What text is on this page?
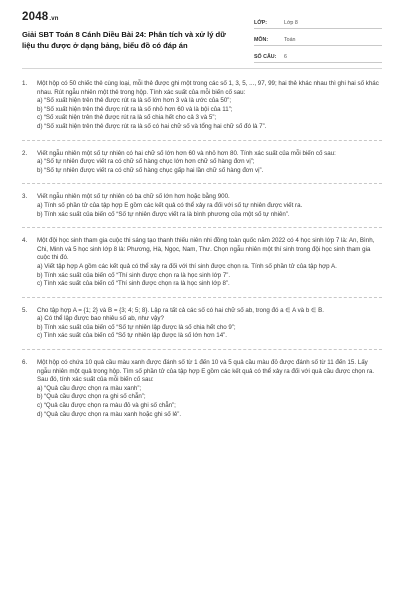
2048.vn
Giải SBT Toán 8 Cánh Diều Bài 24: Phân tích và xử lý dữ liệu thu được ở dạng bảng, biểu đồ có đáp án
LỚP:	Lớp 8
MÔN:	Toán
SỐ CÂU:	6
1.	Một hộp có 50 chiếc thẻ cùng loại, mỗi thẻ được ghi một trong các số 1, 3, 5, ..., 97, 99; hai thẻ khác nhau thì ghi hai số khác nhau. Rút ngẫu nhiên một thẻ trong hộp. Tính xác suất của mỗi biến cố sau:
a) “Số xuất hiện trên thẻ được rút ra là số lớn hơn 3 và là ước của 50”;
b) “Số xuất hiện trên thẻ được rút ra là số nhỏ hơn 60 và là bội của 11”;
c) “Số xuất hiện trên thẻ được rút ra là số chia hết cho cả 3 và 5”;
d) “Số xuất hiện trên thẻ được rút ra là số có hai chữ số và tổng hai chữ số đó là 7”.
2.	Viết ngẫu nhiên một số tự nhiên có hai chữ số lớn hơn 60 và nhỏ hơn 80. Tính xác suất của mỗi biến cố sau:
a) “Số tự nhiên được viết ra có chữ số hàng chục lớn hơn chữ số hàng đơn vị”;
b) “Số tự nhiên được viết ra có chữ số hàng chục gấp hai lần chữ số hàng đơn vị”.
3.	Viết ngẫu nhiên một số tự nhiên có ba chữ số lớn hơn hoặc bằng 900.
a) Tính số phần tử của tập hợp E gồm các kết quả có thể xảy ra đối với số tự nhiên được viết ra.
b) Tính xác suất của biến cố “Số tự nhiên được viết ra là bình phương của một số tự nhiên”.
4.	Một đội học sinh tham gia cuộc thi sáng tạo thanh thiếu niên nhi đồng toàn quốc năm 2022 có 4 học sinh lớp 7 là: An, Bình, Chi, Minh và 5 học sinh lớp 8 là: Phương, Hà, Ngọc, Nam, Thư. Chọn ngẫu nhiên một thí sinh trong đội học sinh tham gia cuộc thi đó.
a) Viết tập hợp A gồm các kết quả có thể xảy ra đối với thí sinh được chọn ra. Tính số phần tử của tập hợp A.
b) Tính xác suất của biến cố “Thí sinh được chọn ra là học sinh lớp 7”.
c) Tính xác suất của biến cố “Thí sinh được chọn ra là học sinh lớp 8”.
5.	Cho tập hợp A = {1; 2} và B = {3; 4; 5; 8}. Lập ra tất cả các số có hai chữ số ab, trong đó a ∈ A và b ∈ B.
a) Có thể lập được bao nhiêu số ab, như vậy?
b) Tính xác suất của biến cố “Số tự nhiên lập được là số chia hết cho 9”;
c) Tính xác suất của biến cố “Số tự nhiên lập được là số lớn hơn 14”.
6.	Một hộp có chứa 10 quả cầu màu xanh được đánh số từ 1 đến 10 và 5 quả cầu màu đỏ được đánh số từ 11 đến 15. Lấy ngẫu nhiên một quả trong hộp. Tìm số phần tử của tập hợp E gồm các kết quả có thể xảy ra đối với quả cầu được chọn ra. Sau đó, tính xác suất của mỗi biến cố sau:
a) “Quả cầu được chọn ra màu xanh”;
b) “Quả cầu được chọn ra ghi số chẵn”;
c) “Quả cầu được chọn ra màu đỏ và ghi số chẵn”;
d) “Quả cầu được chọn ra màu xanh hoặc ghi số lẻ”.
